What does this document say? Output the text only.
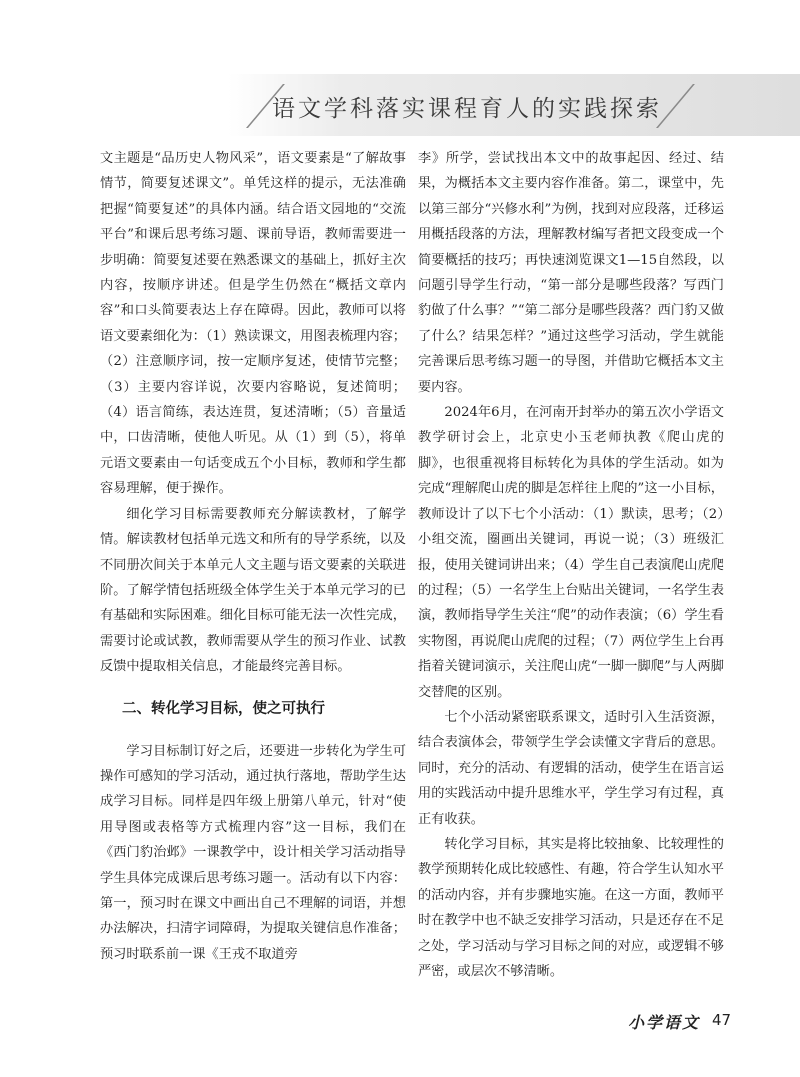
语文学科落实课程育人的实践探索

文主题是“品历史人物风采”，语文要素是“了解故事情节，简要复述课文”。单凭这样的提示，无法准确把握“简要复述”的具体内涵。结合语文园地的“交流平台”和课后思考练习题、课前导语，教师需要进一步明确：简要复述要在熟悉课文的基础上，抓好主次内容，按顺序讲述。但是学生仍然在“概括文章内容”和口头简要表达上存在障碍。因此，教师可以将语文要素细化为：（1）熟读课文，用图表梳理内容；（2）注意顺序词，按一定顺序复述，使情节完整；（3）主要内容详说，次要内容略说，复述简明；（4）语言简练，表达连贯，复述清晰；（5）音量适中，口齿清晰，使他人听见。从（1）到（5），将单元语文要素由一句话变成五个小目标，教师和学生都容易理解，便于操作。

细化学习目标需要教师充分解读教材，了解学情。解读教材包括单元选文和所有的导学系统，以及不同册次间关于本单元人文主题与语文要素的关联进阶。了解学情包括班级全体学生关于本单元学习的已有基础和实际困难。细化目标可能无法一次性完成，需要讨论或试教，教师需要从学生的预习作业、试教反馈中提取相关信息，才能最终完善目标。

二、转化学习目标，使之可执行

学习目标制订好之后，还要进一步转化为学生可操作可感知的学习活动，通过执行落地，帮助学生达成学习目标。同样是四年级上册第八单元，针对“使用导图或表格等方式梳理内容”这一目标，我们在《西门豹治邺》一课教学中，设计相关学习活动指导学生具体完成课后思考练习题一。活动有以下内容：第一，预习时在课文中画出自己不理解的词语，并想办法解决，扫清字词障碍，为提取关键信息作准备；预习时联系前一课《王戎不取道旁

李》所学，尝试找出本文中的故事起因、经过、结果，为概括本文主要内容作准备。第二，课堂中，先以第三部分“兴修水利”为例，找到对应段落，迁移运用概括段落的方法，理解教材编写者把文段变成一个简要概括的技巧；再快速浏览课文1—15自然段，以问题引导学生行动，“第一部分是哪些段落？写西门豹做了什么事？”“第二部分是哪些段落？西门豹又做了什么？结果怎样？”通过这些学习活动，学生就能完善课后思考练习题一的导图，并借助它概括本文主要内容。

2024年6月，在河南开封举办的第五次小学语文教学研讨会上，北京史小玉老师执教《爬山虎的脚》，也很重视将目标转化为具体的学生活动。如为完成“理解爬山虎的脚是怎样往上爬的”这一小目标，教师设计了以下七个小活动：（1）默读，思考；（2）小组交流，圈画出关键词，再说一说；（3）班级汇报，使用关键词讲出来；（4）学生自己表演爬山虎爬的过程；（5）一名学生上台贴出关键词，一名学生表演，教师指导学生关注“爬”的动作表演；（6）学生看实物图，再说爬山虎爬的过程；（7）两位学生上台再指着关键词演示，关注爬山虎“一脚一脚爬”与人两脚交替爬的区别。

七个小活动紧密联系课文，适时引入生活资源，结合表演体会，带领学生学会读懂文字背后的意思。同时，充分的活动、有逻辑的活动，使学生在语言运用的实践活动中提升思维水平，学生学习有过程，真正有收获。

转化学习目标，其实是将比较抽象、比较理性的教学预期转化成比较感性、有趣，符合学生认知水平的活动内容，并有步骤地实施。在这一方面，教师平时在教学中也不缺乏安排学习活动，只是还存在不足之处，学习活动与学习目标之间的对应，或逻辑不够严密，或层次不够清晰。

小学语文 47
